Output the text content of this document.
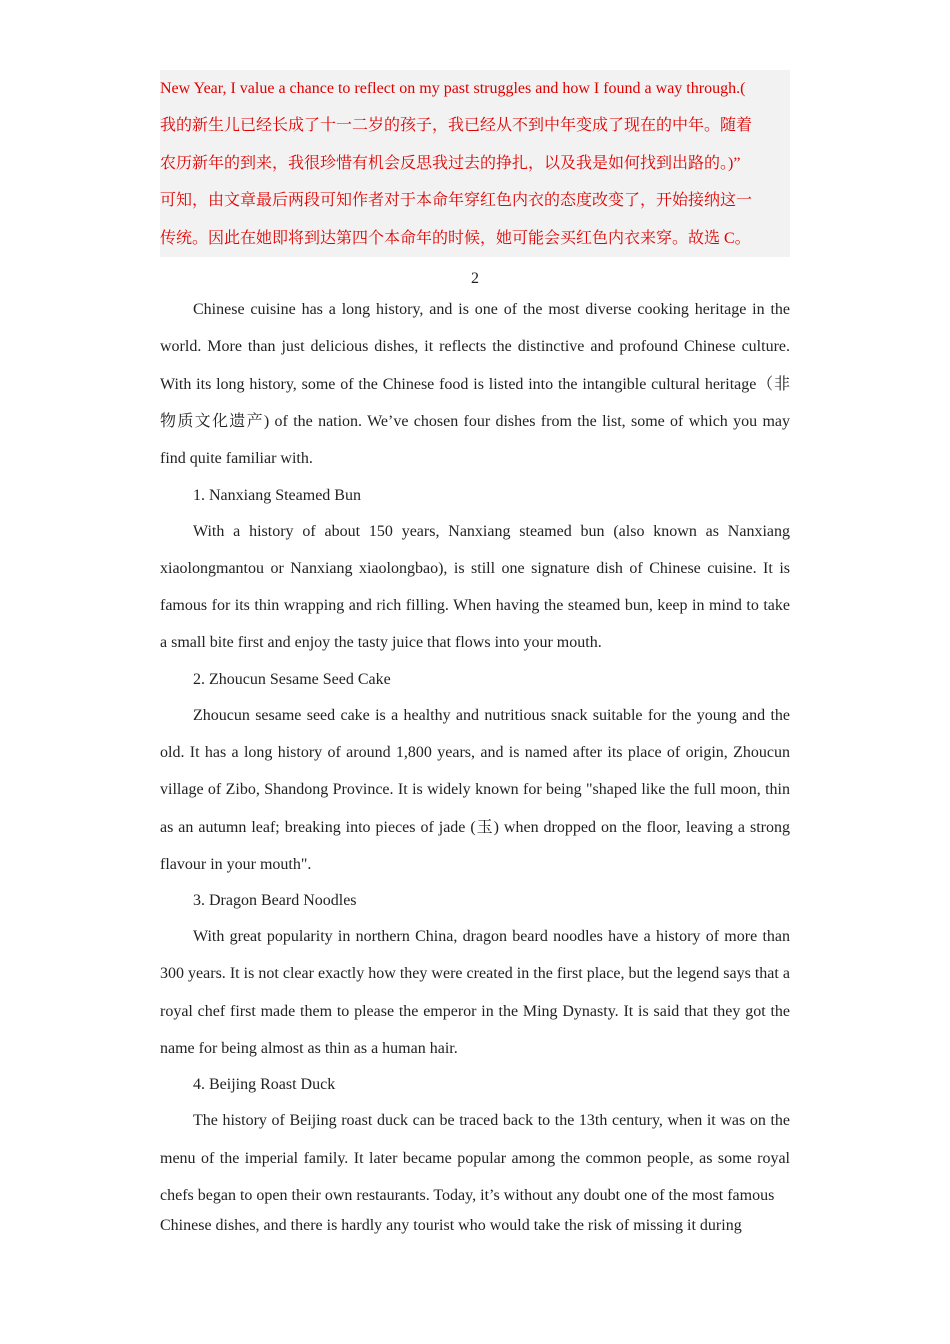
New Year, I value a chance to reflect on my past struggles and how I found a way through.(
我的新生儿已经长成了十一二岁的孩子，我已经从不到中年变成了现在的中年。随着
农历新年的到来，我很珍惜有机会反思我过去的挣扎，以及我是如何找到出路的。)”
可知，由文章最后两段可知作者对于本命年穿红色内衣的态度改变了，开始接纳这一
传统。因此在她即将到达第四个本命年的时候，她可能会买红色内衣来穿。故选 C。
2

Chinese cuisine has a long history, and is one of the most diverse cooking heritage in the world. More than just delicious dishes, it reflects the distinctive and profound Chinese culture. With its long history, some of the Chinese food is listed into the intangible cultural heritage（非物质文化遗产) of the nation. We’ve chosen four dishes from the list, some of which you may find quite familiar with.

1. Nanxiang Steamed Bun

With a history of about 150 years, Nanxiang steamed bun (also known as Nanxiang xiaolongmantou or Nanxiang xiaolongbao), is still one signature dish of Chinese cuisine. It is famous for its thin wrapping and rich filling. When having the steamed bun, keep in mind to take a small bite first and enjoy the tasty juice that flows into your mouth.

2. Zhoucun Sesame Seed Cake

Zhoucun sesame seed cake is a healthy and nutritious snack suitable for the young and the old. It has a long history of around 1,800 years, and is named after its place of origin, Zhoucun village of Zibo, Shandong Province. It is widely known for being "shaped like the full moon, thin as an autumn leaf; breaking into pieces of jade (玉) when dropped on the floor, leaving a strong flavour in your mouth".

3. Dragon Beard Noodles

With great popularity in northern China, dragon beard noodles have a history of more than 300 years. It is not clear exactly how they were created in the first place, but the legend says that a royal chef first made them to please the emperor in the Ming Dynasty. It is said that they got the name for being almost as thin as a human hair.

4. Beijing Roast Duck

The history of Beijing roast duck can be traced back to the 13th century, when it was on the menu of the imperial family. It later became popular among the common people, as some royal chefs began to open their own restaurants. Today, it’s without any doubt one of the most famous

Chinese dishes, and there is hardly any tourist who would take the risk of missing it during
